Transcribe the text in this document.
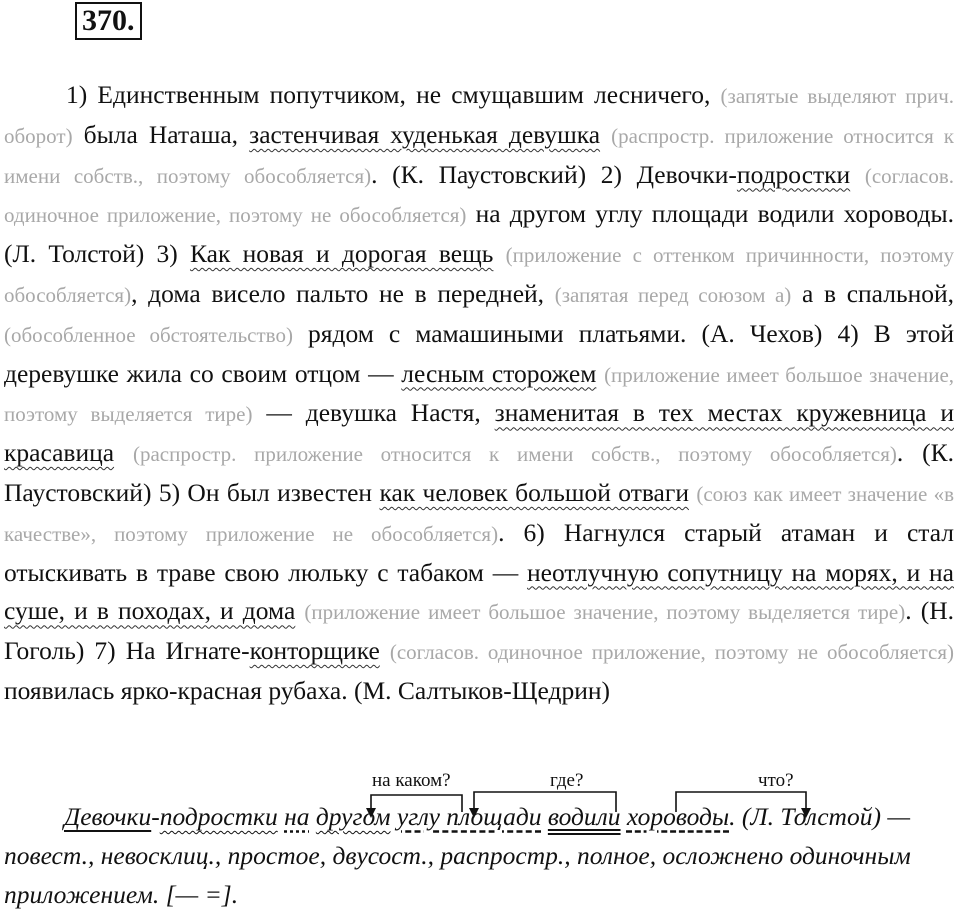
370.
1) Единственным попутчиком, не смущавшим лесничего, (запятые выделяют прич. оборот) была Наташа, застенчивая худенькая девушка (распростр. приложение относится к имени собств., поэтому обособляется). (К. Паустовский) 2) Девочки-подростки (согласов. одиночное приложение, поэтому не обособляется) на другом углу площади водили хороводы. (Л. Толстой) 3) Как новая и дорогая вещь (приложение с оттенком причинности, поэтому обособляется), дома висело пальто не в передней, (запятая перед союзом а) а в спальной, (обособленное обстоятельство) рядом с мамашиными платьями. (А. Чехов) 4) В этой деревушке жила со своим отцом — лесным сторожем (приложение имеет большое значение, поэтому выделяется тире) — девушка Настя, знаменитая в тех местах кружевница и красавица (распростр. приложение относится к имени собств., поэтому обособляется). (К. Паустовский) 5) Он был известен как человек большой отваги (союз как имеет значение «в качестве», поэтому приложение не обособляется). 6) Нагнулся старый атаман и стал отыскивать в траве свою люльку с табаком — неотлучную сопутницу на морях, и на суше, и в походах, и дома (приложение имеет большое значение, поэтому выделяется тире). (Н. Гоголь) 7) На Игнате-конторщике (согласов. одиночное приложение, поэтому не обособляется) появилась ярко-красная рубаха. (М. Салтыков-Щедрин)
на каком?	где?	что?
Девочки-подростки на другом углу площади водили хороводы. (Л. Толстой) — повест., невосклиц., простое, двусост., распростр., полное, осложнено одиночным приложением. [— =].
